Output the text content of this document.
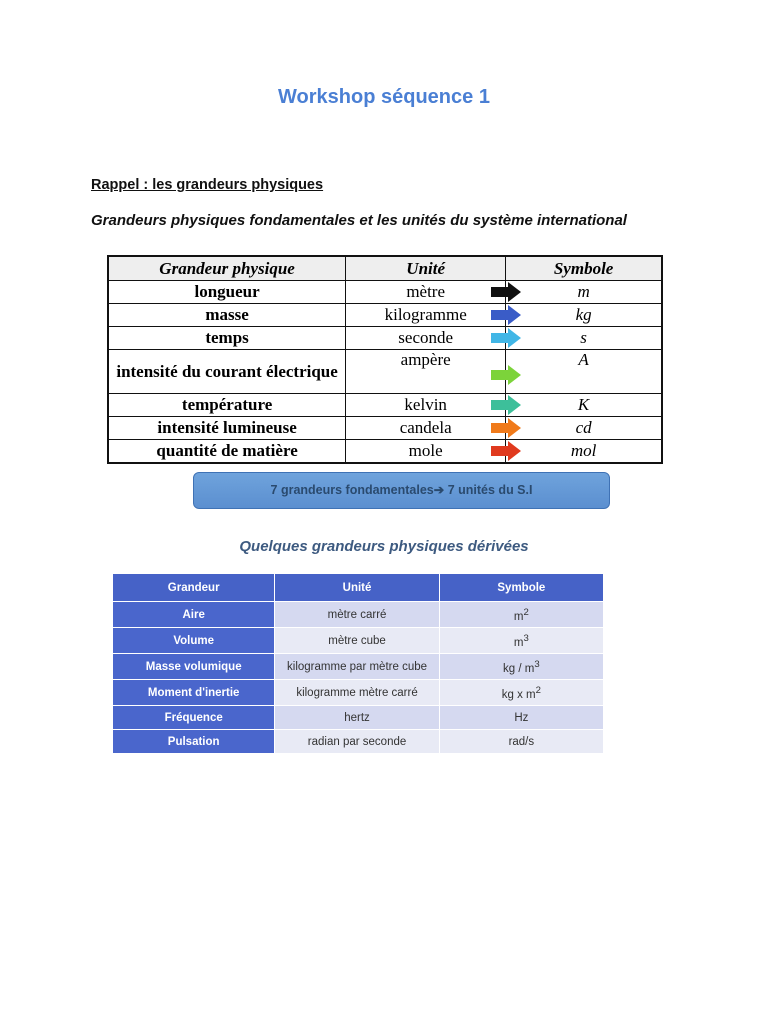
Workshop séquence 1
Rappel : les grandeurs physiques
Grandeurs physiques fondamentales et les unités du système international
Grandeur physique	Unité	Symbole
longueur	mètre	m
masse	kilogramme	kg
temps	seconde	s
intensité du courant électrique	ampère	A
température	kelvin	K
intensité lumineuse	candela	cd
quantité de matière	mole	mol
7 grandeurs fondamentales➔ 7 unités du S.I
Quelques grandeurs physiques dérivées
Grandeur	Unité	Symbole
Aire	mètre carré	$m^2$
Volume	mètre cube	$m^3$
Masse volumique	kilogramme par mètre cube	kg / $m^3$
Moment d'inertie	kilogramme mètre carré	kg x $m^2$
Fréquence	hertz	Hz
Pulsation	radian par seconde	rad/s
